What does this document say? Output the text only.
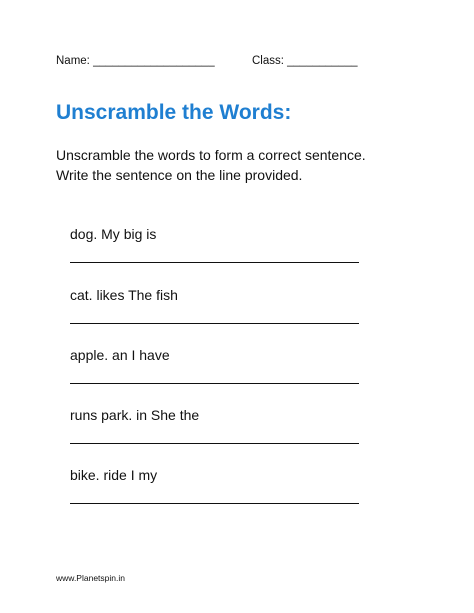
Name: ___________________	Class: ___________
Unscramble the Words:
Unscramble the words to form a correct sentence.
Write the sentence on the line provided.
dog. My big is
cat. likes The fish
apple. an I have
runs park. in She the
bike. ride I my
www.Planetspin.in
